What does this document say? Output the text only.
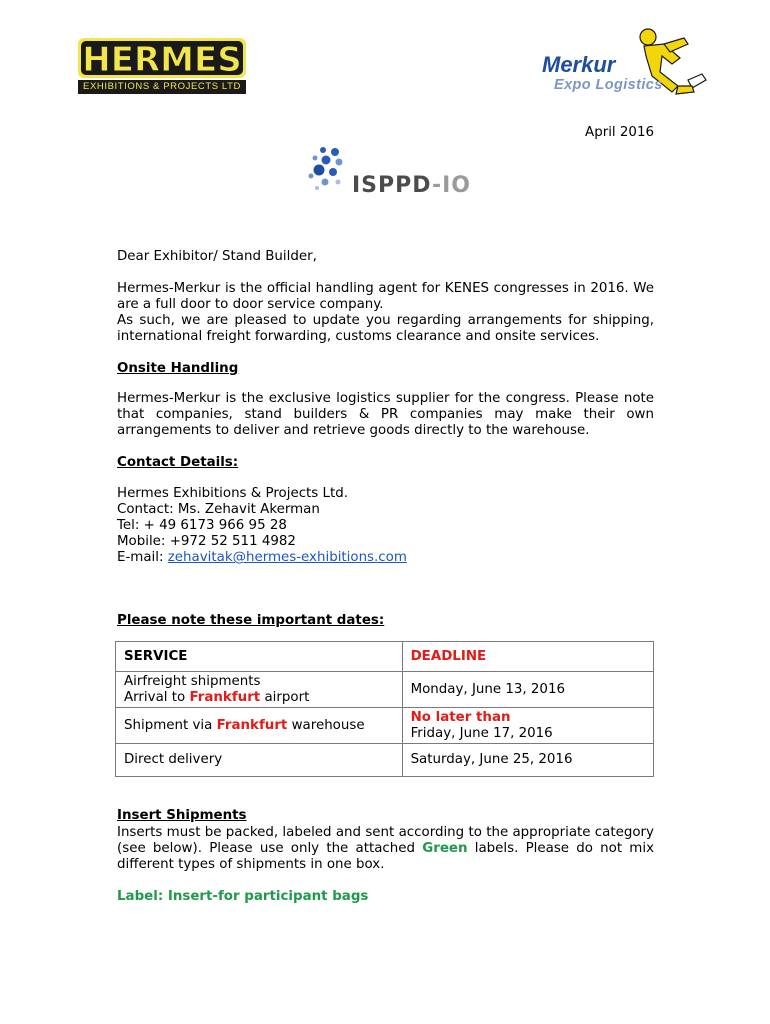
HERMES
EXHIBITIONS & PROJECTS LTD
Merkur
Expo Logistics
April 2016
ISPPD-IO
Dear Exhibitor/ Stand Builder,
Hermes-Merkur is the official handling agent for KENES congresses in 2016. We are a full door to door service company.
As such, we are pleased to update you regarding arrangements for shipping, international freight forwarding, customs clearance and onsite services.
Onsite Handling
Hermes-Merkur is the exclusive logistics supplier for the congress. Please note that companies, stand builders & PR companies may make their own arrangements to deliver and retrieve goods directly to the warehouse.
Contact Details:
Hermes Exhibitions & Projects Ltd.
Contact: Ms. Zehavit Akerman
Tel: + 49 6173 966 95 28
Mobile: +972 52 511 4982
E-mail: zehavitak@hermes-exhibitions.com
Please note these important dates:
SERVICE	DEADLINE

Airfreight shipments
Arrival to Frankfurt airport	Monday, June 13, 2016
Shipment via Frankfurt warehouse	No later than
Friday, June 17, 2016

Direct delivery	Saturday, June 25, 2016
Insert Shipments
Inserts must be packed, labeled and sent according to the appropriate category (see below). Please use only the attached Green labels. Please do not mix different types of shipments in one box.
Label: Insert-for participant bags
